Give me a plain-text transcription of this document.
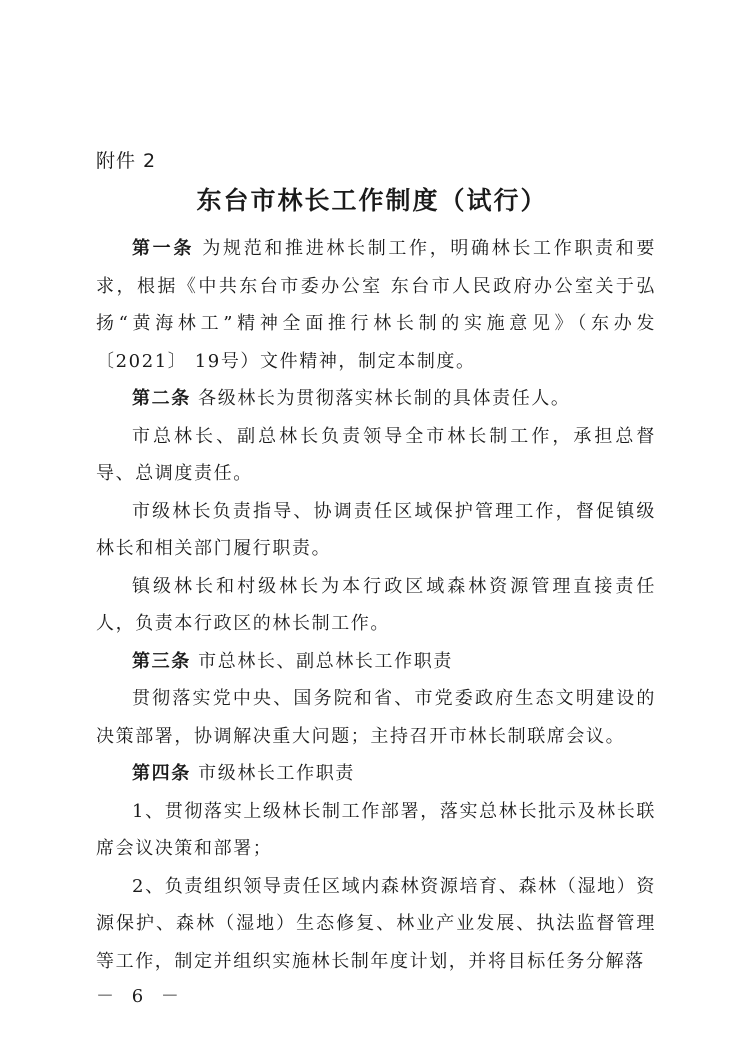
附件 2
东台市林长工作制度（试行）

第一条 为规范和推进林长制工作，明确林长工作职责和要求，根据《中共东台市委办公室 东台市人民政府办公室关于弘扬“黄海林工”精神全面推行林长制的实施意见》（东办发〔2021〕 19号）文件精神，制定本制度。

第二条 各级林长为贯彻落实林长制的具体责任人。

市总林长、副总林长负责领导全市林长制工作，承担总督导、总调度责任。

市级林长负责指导、协调责任区域保护管理工作，督促镇级林长和相关部门履行职责。

镇级林长和村级林长为本行政区域森林资源管理直接责任人，负责本行政区的林长制工作。

第三条 市总林长、副总林长工作职责

贯彻落实党中央、国务院和省、市党委政府生态文明建设的决策部署，协调解决重大问题；主持召开市林长制联席会议。

第四条 市级林长工作职责

1、贯彻落实上级林长制工作部署，落实总林长批示及林长联席会议决策和部署；

2、负责组织领导责任区域内森林资源培育、森林（湿地）资源保护、森林（湿地）生态修复、林业产业发展、执法监督管理等工作，制定并组织实施林长制年度计划，并将目标任务分解落

－ 6 －
